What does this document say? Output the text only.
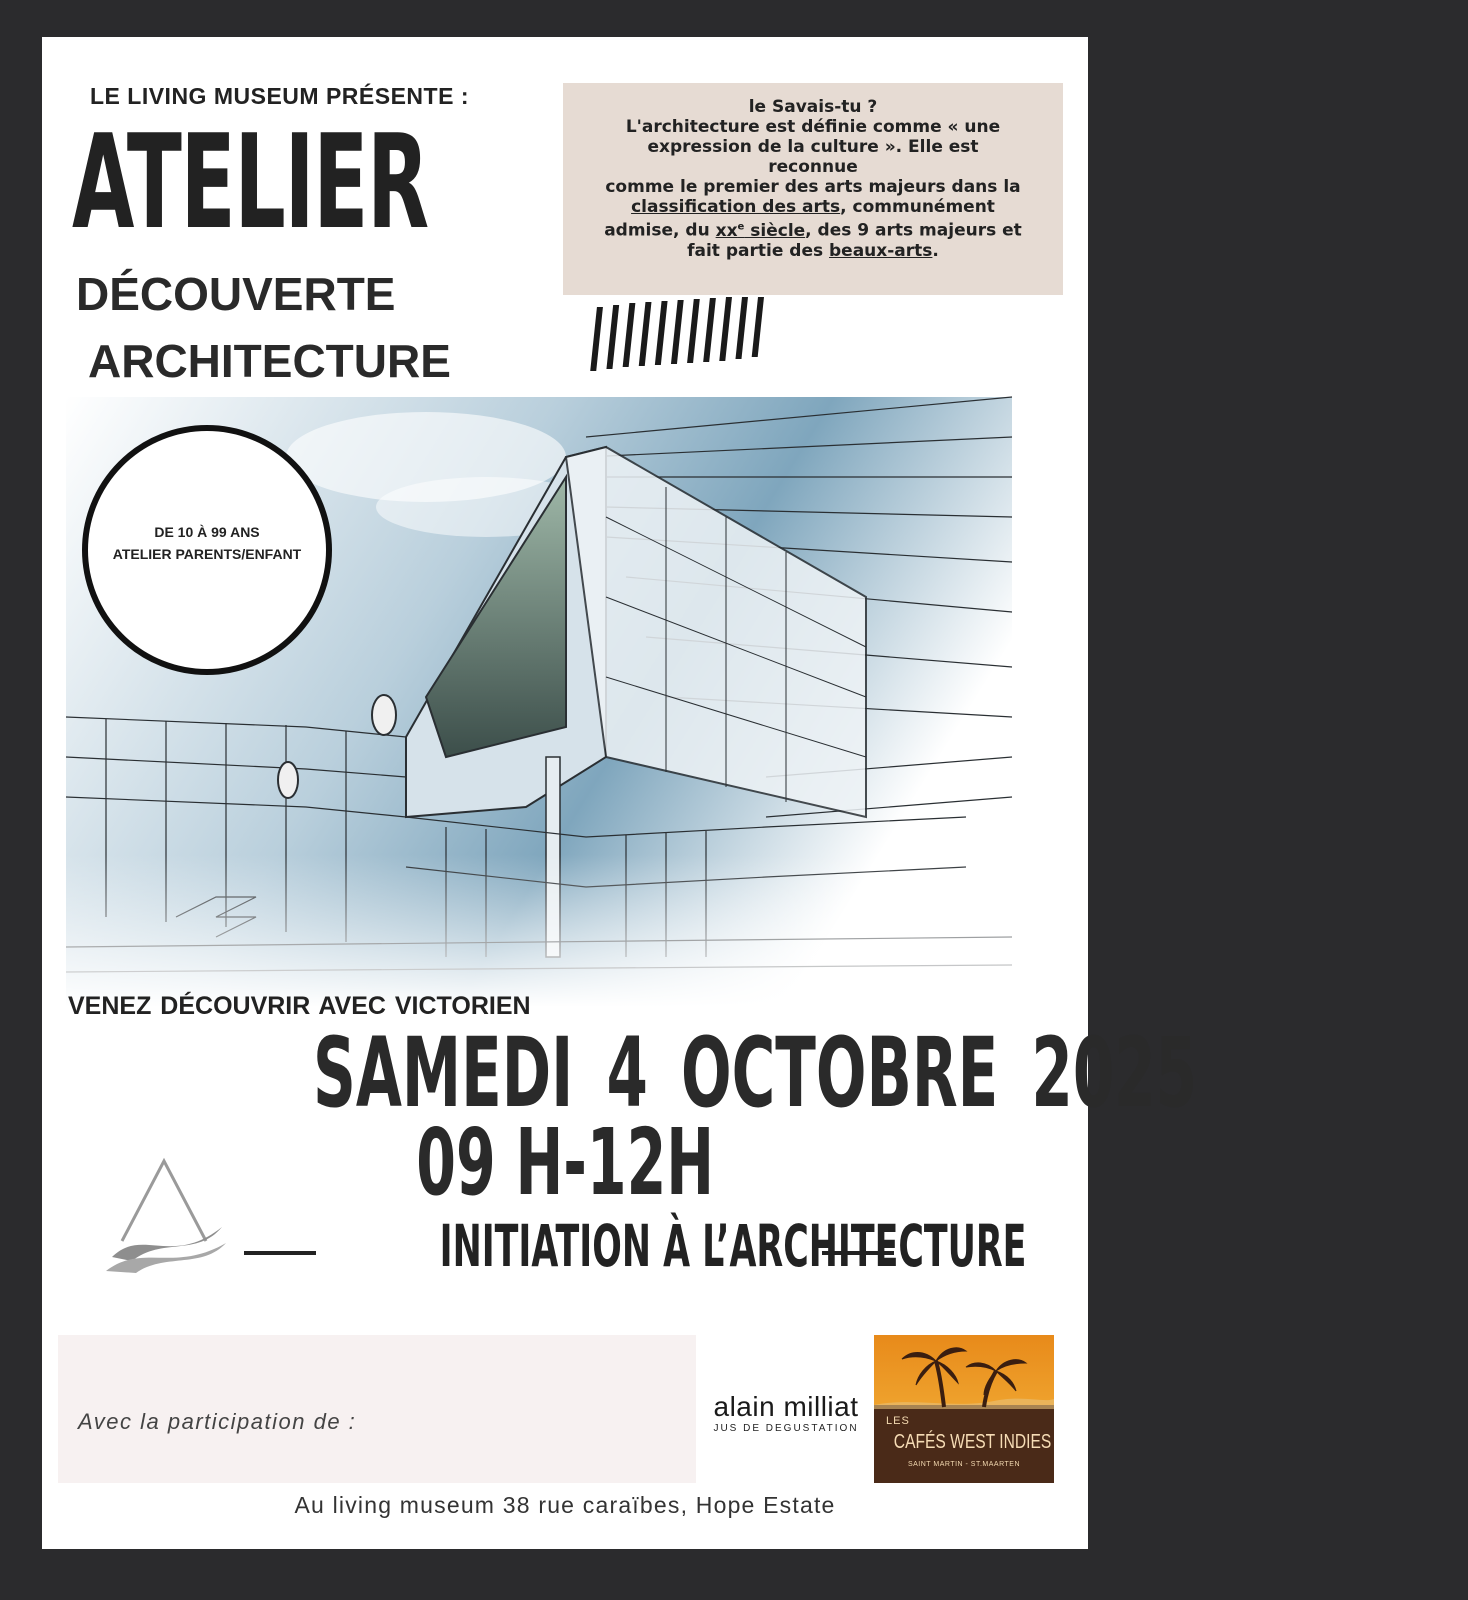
LE LIVING MUSEUM PRÉSENTE :
ATELIER
DÉCOUVERTE
ARCHITECTURE
le Savais-tu ?
L'architecture est définie comme « une
expression de la culture ». Elle est reconnue
comme le premier des arts majeurs dans la
classification des arts, communément
admise, du $xx^e$ siècle, des 9 arts majeurs et
fait partie des beaux-arts.
DE 10 À 99 ANS
ATELIER PARENTS/ENFANT
VENEZ DÉCOUVRIR AVEC VICTORIEN
SAMEDI 4 OCTOBRE 2025
09 H-12H
INITIATION À L’ARCHITECTURE
Avec la participation de :	alain milliat
JUS DE DEGUSTATION
LES
CAFÉS WEST INDIES
SAINT MARTIN - ST.MAARTEN
Au living museum 38 rue caraïbes, Hope Estate
